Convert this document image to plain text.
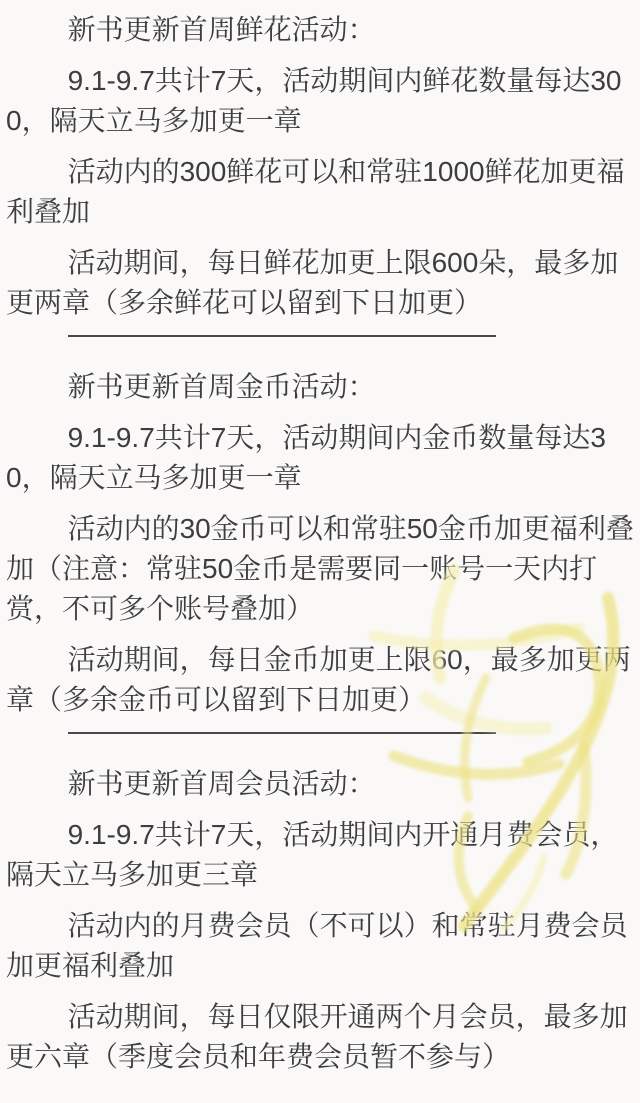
新书更新首周鲜花活动：

9.1-9.7共计7天，活动期间内鲜花数量每达300，隔天立马多加更一章

活动内的300鲜花可以和常驻1000鲜花加更福利叠加

活动期间，每日鲜花加更上限600朵，最多加更两章（多余鲜花可以留到下日加更）

新书更新首周金币活动：

9.1-9.7共计7天，活动期间内金币数量每达30，隔天立马多加更一章

活动内的30金币可以和常驻50金币加更福利叠加（注意：常驻50金币是需要同一账号一天内打赏，不可多个账号叠加）

活动期间，每日金币加更上限60，最多加更两章（多余金币可以留到下日加更）

新书更新首周会员活动：

9.1-9.7共计7天，活动期间内开通月费会员，隔天立马多加更三章

活动内的月费会员（不可以）和常驻月费会员加更福利叠加

活动期间，每日仅限开通两个月会员，最多加更六章（季度会员和年费会员暂不参与）
